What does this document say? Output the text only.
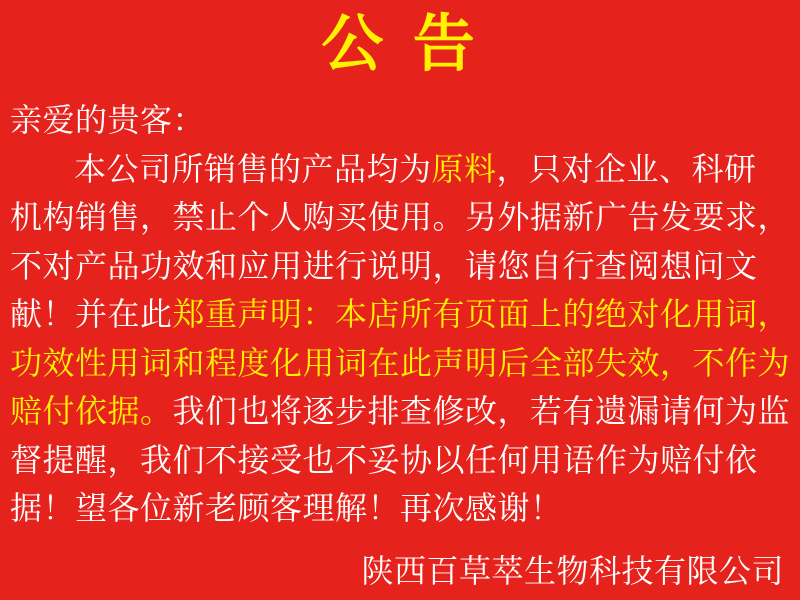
公 告
亲爱的贵客：
本公司所销售的产品均为原料，只对企业、科研
机构销售，禁止个人购买使用。另外据新广告发要求，
不对产品功效和应用进行说明，请您自行查阅想问文
献！并在此郑重声明：本店所有页面上的绝对化用词，
功效性用词和程度化用词在此声明后全部失效，不作为
赔付依据。我们也将逐步排查修改，若有遗漏请何为监
督提醒，我们不接受也不妥协以任何用语作为赔付依
据！望各位新老顾客理解！再次感谢！
陕西百草萃生物科技有限公司
